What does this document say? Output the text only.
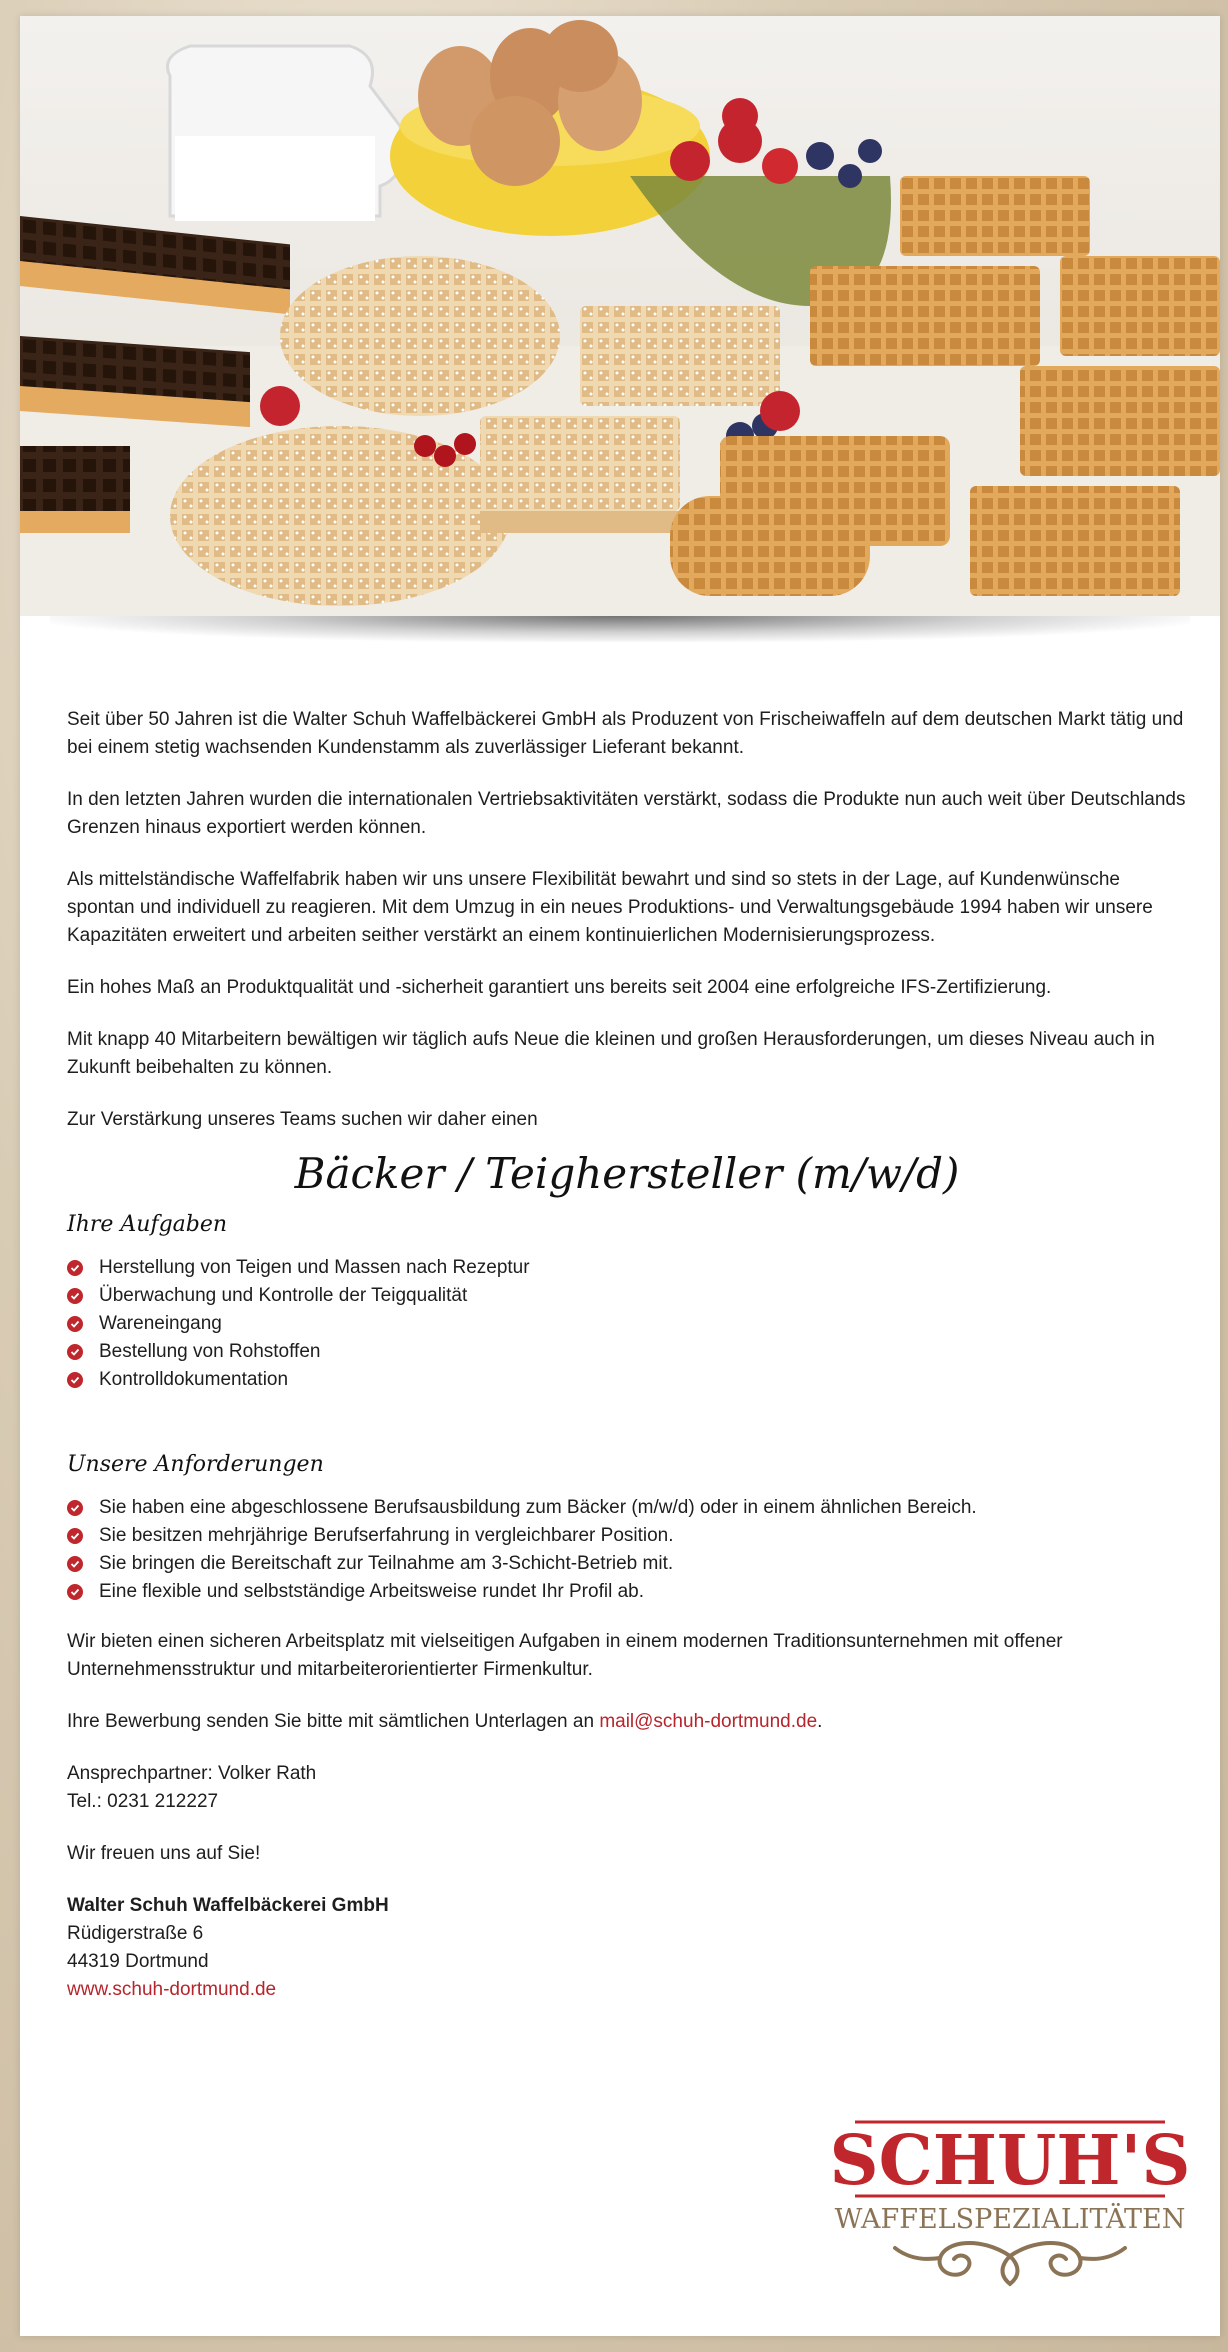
Seit über 50 Jahren ist die Walter Schuh Waffelbäckerei GmbH als Produzent von Frischeiwaffeln auf dem deutschen Markt tätig und bei einem stetig wachsenden Kundenstamm als zuverlässiger Lieferant bekannt.

In den letzten Jahren wurden die internationalen Vertriebsaktivitäten verstärkt, sodass die Produkte nun auch weit über Deutschlands Grenzen hinaus exportiert werden können.

Als mittelständische Waffelfabrik haben wir uns unsere Flexibilität bewahrt und sind so stets in der Lage, auf Kundenwünsche spontan und individuell zu reagieren. Mit dem Umzug in ein neues Produktions- und Verwaltungsgebäude 1994 haben wir unsere Kapazitäten erweitert und arbeiten seither verstärkt an einem kontinuierlichen Modernisierungsprozess.

Ein hohes Maß an Produktqualität und -sicherheit garantiert uns bereits seit 2004 eine erfolgreiche IFS-Zertifizierung.

Mit knapp 40 Mitarbeitern bewältigen wir täglich aufs Neue die kleinen und großen Herausforderungen, um dieses Niveau auch in Zukunft beibehalten zu können.

Zur Verstärkung unseres Teams suchen wir daher einen

Bäcker / Teighersteller (m/w/d)
Ihre Aufgaben
Herstellung von Teigen und Massen nach Rezeptur
Überwachung und Kontrolle der Teigqualität
Wareneingang
Bestellung von Rohstoffen
Kontrolldokumentation
Unsere Anforderungen
Sie haben eine abgeschlossene Berufsausbildung zum Bäcker (m/w/d) oder in einem ähnlichen Bereich.
Sie besitzen mehrjährige Berufserfahrung in vergleichbarer Position.
Sie bringen die Bereitschaft zur Teilnahme am 3-Schicht-Betrieb mit.
Eine flexible und selbstständige Arbeitsweise rundet Ihr Profil ab.

Wir bieten einen sicheren Arbeitsplatz mit vielseitigen Aufgaben in einem modernen Traditionsunternehmen mit offener Unternehmensstruktur und mitarbeiterorientierter Firmenkultur.

Ihre Bewerbung senden Sie bitte mit sämtlichen Unterlagen an mail@schuh-dortmund.de.

Ansprechpartner: Volker Rath
Tel.: 0231 212227

Wir freuen uns auf Sie!

Walter Schuh Waffelbäckerei GmbH
Rüdigerstraße 6
44319 Dortmund
www.schuh-dortmund.de

SCHUH'S
WAFFELSPEZIALITÄTEN
